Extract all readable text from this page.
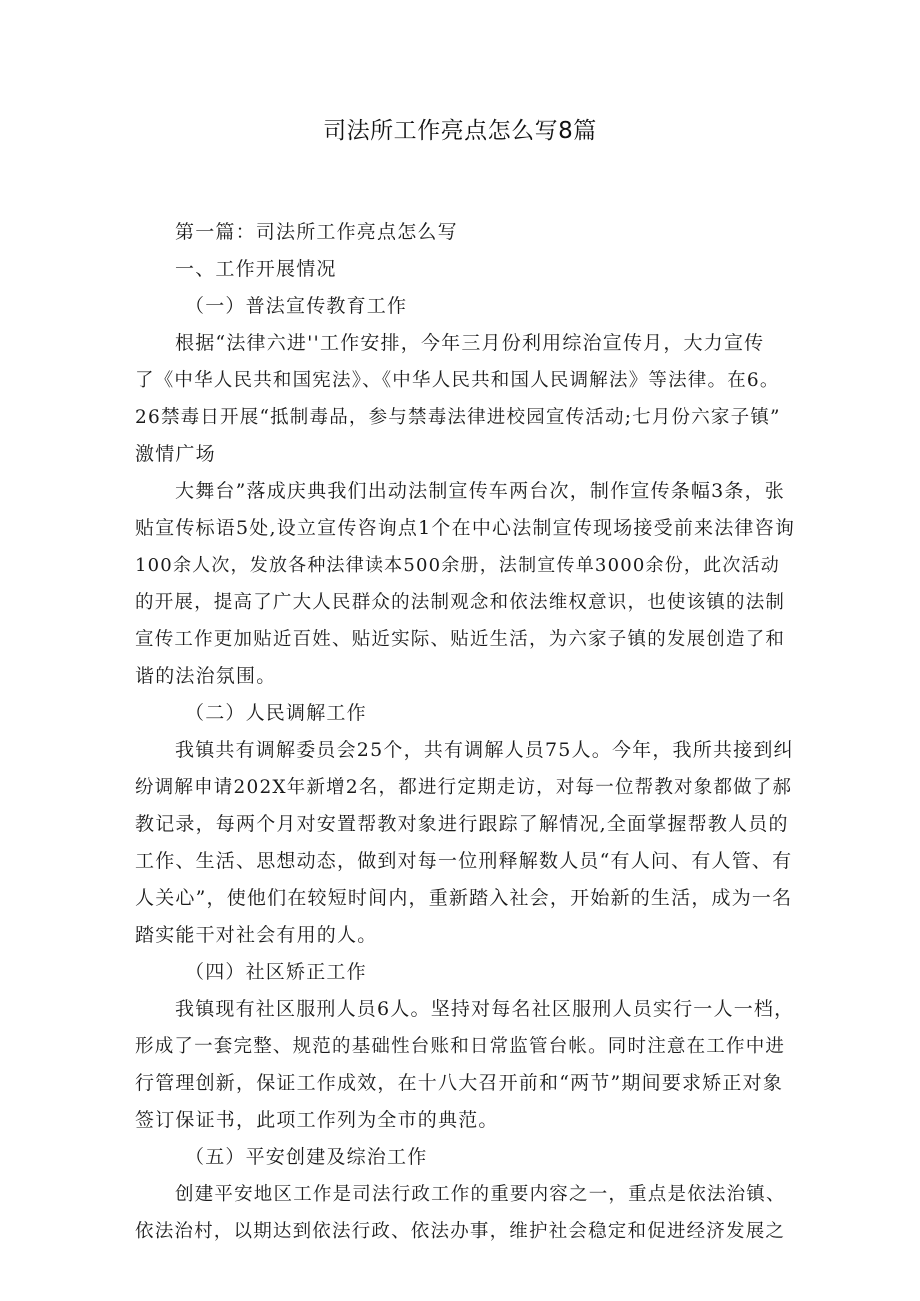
司法所工作亮点怎么写8篇
第一篇：司法所工作亮点怎么写
一、工作开展情况
（一）普法宣传教育工作
根据“法律六进''工作安排，今年三月份利用综治宣传月，大力宣传
了《中华人民共和国宪法》、《中华人民共和国人民调解法》等法律。在6。
26禁毒日开展“抵制毒品，参与禁毒法律进校园宣传活动;七月份六家子镇”
激情广场
大舞台”落成庆典我们出动法制宣传车两台次，制作宣传条幅3条，张
贴宣传标语5处,设立宣传咨询点1个在中心法制宣传现场接受前来法律咨询
100余人次，发放各种法律读本500余册，法制宣传单3000余份，此次活动
的开展，提高了广大人民群众的法制观念和依法维权意识，也使该镇的法制
宣传工作更加贴近百姓、贴近实际、贴近生活，为六家子镇的发展创造了和
谐的法治氛围。
（二）人民调解工作
我镇共有调解委员会25个，共有调解人员75人。今年，我所共接到纠
纷调解申请202X年新增2名，都进行定期走访，对每一位帮教对象都做了郝
教记录，每两个月对安置帮教对象进行跟踪了解情况,全面掌握帮教人员的
工作、生活、思想动态，做到对每一位刑释解数人员“有人问、有人管、有
人关心”，使他们在较短时间内，重新踏入社会，开始新的生活，成为一名
踏实能干对社会有用的人。
（四）社区矫正工作
我镇现有社区服刑人员6人。坚持对每名社区服刑人员实行一人一档，
形成了一套完整、规范的基础性台账和日常监管台帐。同时注意在工作中进
行管理创新，保证工作成效，在十八大召开前和“两节”期间要求矫正对象
签订保证书，此项工作列为全市的典范。
（五）平安创建及综治工作
创建平安地区工作是司法行政工作的重要内容之一，重点是依法治镇、
依法治村，以期达到依法行政、依法办事，维护社会稳定和促进经济发展之
